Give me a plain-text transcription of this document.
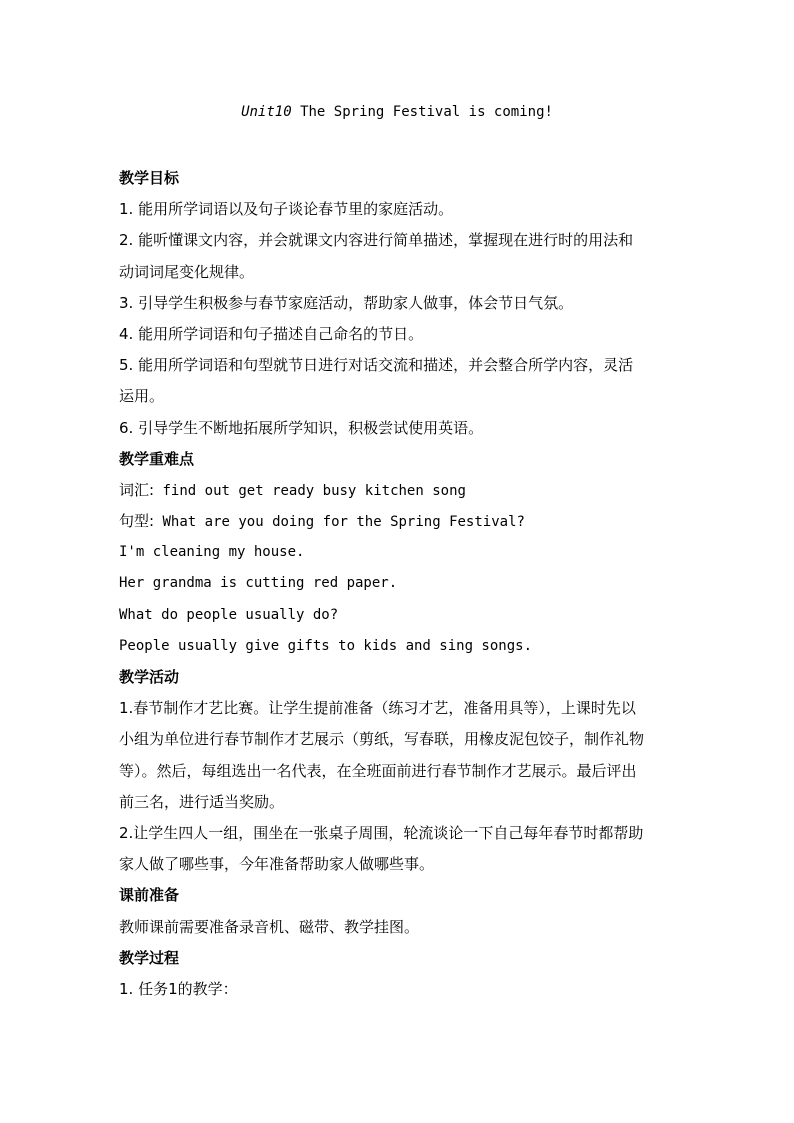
Unit10 The Spring Festival is coming!
教学目标
1. 能用所学词语以及句子谈论春节里的家庭活动。
2. 能听懂课文内容，并会就课文内容进行简单描述，掌握现在进行时的用法和
动词词尾变化规律。
3. 引导学生积极参与春节家庭活动，帮助家人做事，体会节日气氛。
4. 能用所学词语和句子描述自己命名的节日。
5. 能用所学词语和句型就节日进行对话交流和描述，并会整合所学内容，灵活
运用。
6. 引导学生不断地拓展所学知识，积极尝试使用英语。
教学重难点
词汇: find out get ready busy kitchen song
句型: What are you doing for the Spring Festival?
I'm cleaning my house.
Her grandma is cutting red paper.
What do people usually do?
People usually give gifts to kids and sing songs.
教学活动
1.春节制作才艺比赛。让学生提前准备（练习才艺，准备用具等），上课时先以
小组为单位进行春节制作才艺展示（剪纸，写春联，用橡皮泥包饺子，制作礼物
等）。然后，每组选出一名代表，在全班面前进行春节制作才艺展示。最后评出
前三名，进行适当奖励。
2.让学生四人一组，围坐在一张桌子周围，轮流谈论一下自己每年春节时都帮助
家人做了哪些事，今年准备帮助家人做哪些事。
课前准备
教师课前需要准备录音机、磁带、教学挂图。
教学过程
1. 任务1的教学：
